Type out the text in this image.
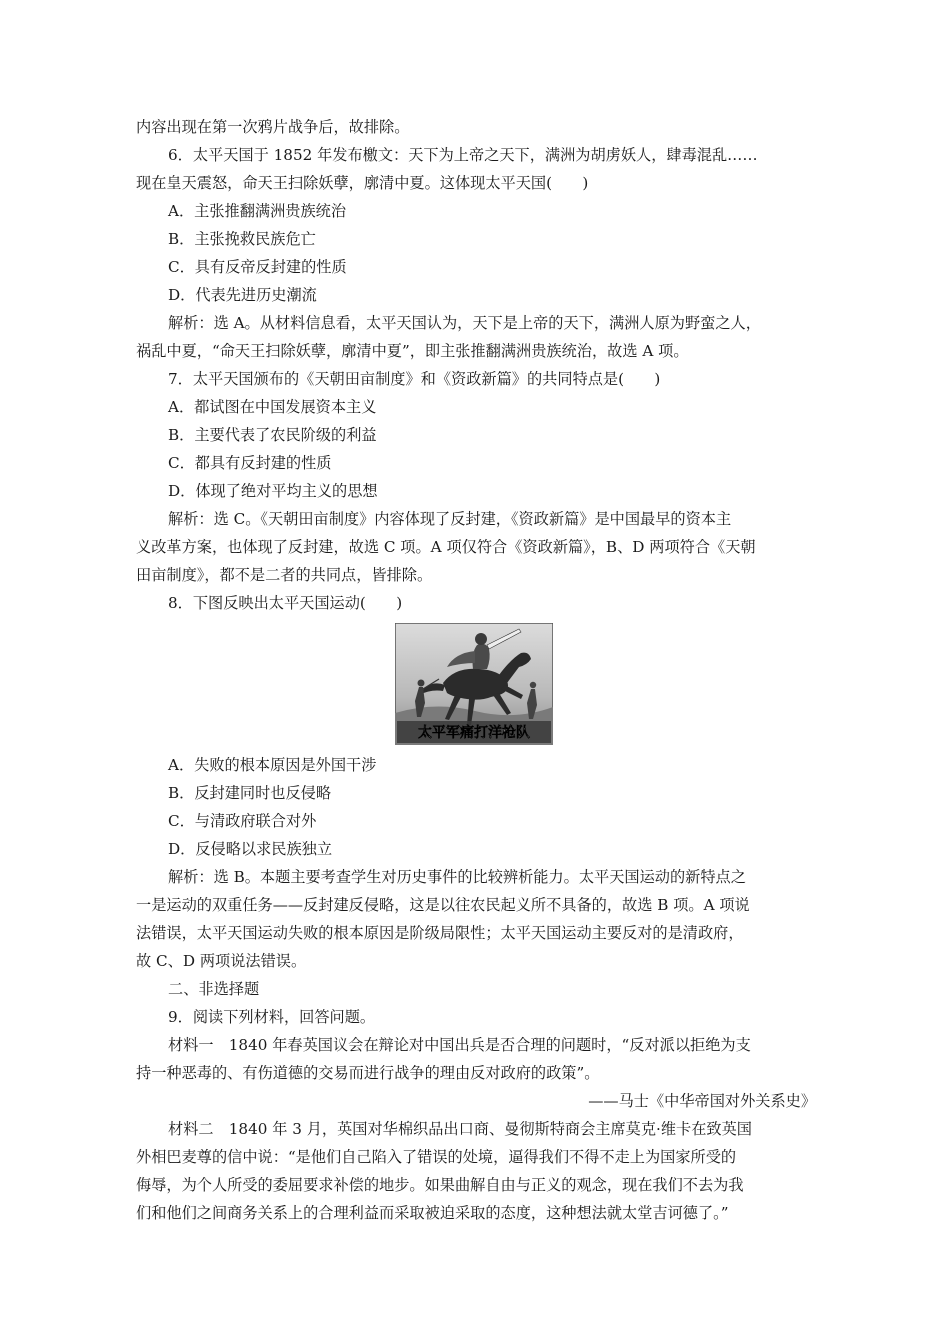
内容出现在第一次鸦片战争后，故排除。
6．太平天国于 1852 年发布檄文：天下为上帝之天下，满洲为胡虏妖人，肆毒混乱……
现在皇天震怒，命天王扫除妖孽，廓清中夏。这体现太平天国(　　)
A．主张推翻满洲贵族统治
B．主张挽救民族危亡
C．具有反帝反封建的性质
D．代表先进历史潮流
解析：选 A。从材料信息看，太平天国认为，天下是上帝的天下，满洲人原为野蛮之人，
祸乱中夏，“命天王扫除妖孽，廓清中夏”，即主张推翻满洲贵族统治，故选 A 项。
7．太平天国颁布的《天朝田亩制度》和《资政新篇》的共同特点是(　　)
A．都试图在中国发展资本主义
B．主要代表了农民阶级的利益
C．都具有反封建的性质
D．体现了绝对平均主义的思想
解析：选 C。《天朝田亩制度》内容体现了反封建，《资政新篇》是中国最早的资本主
义改革方案，也体现了反封建，故选 C 项。A 项仅符合《资政新篇》，B、D 两项符合《天朝
田亩制度》，都不是二者的共同点，皆排除。
8．下图反映出太平天国运动(　　)
太平军痛打洋枪队
A．失败的根本原因是外国干涉
B．反封建同时也反侵略
C．与清政府联合对外
D．反侵略以求民族独立
解析：选 B。本题主要考查学生对历史事件的比较辨析能力。太平天国运动的新特点之
一是运动的双重任务——反封建反侵略，这是以往农民起义所不具备的，故选 B 项。A 项说
法错误，太平天国运动失败的根本原因是阶级局限性；太平天国运动主要反对的是清政府，
故 C、D 两项说法错误。
二、非选择题
9．阅读下列材料，回答问题。
材料一　1840 年春英国议会在辩论对中国出兵是否合理的问题时，“反对派以拒绝为支
持一种恶毒的、有伤道德的交易而进行战争的理由反对政府的政策”。
——马士《中华帝国对外关系史》
材料二　1840 年 3 月，英国对华棉织品出口商、曼彻斯特商会主席莫克·维卡在致英国
外相巴麦尊的信中说：“是他们自己陷入了错误的处境，逼得我们不得不走上为国家所受的
侮辱，为个人所受的委屈要求补偿的地步。如果曲解自由与正义的观念，现在我们不去为我
们和他们之间商务关系上的合理利益而采取被迫采取的态度，这种想法就太堂吉诃德了。”
